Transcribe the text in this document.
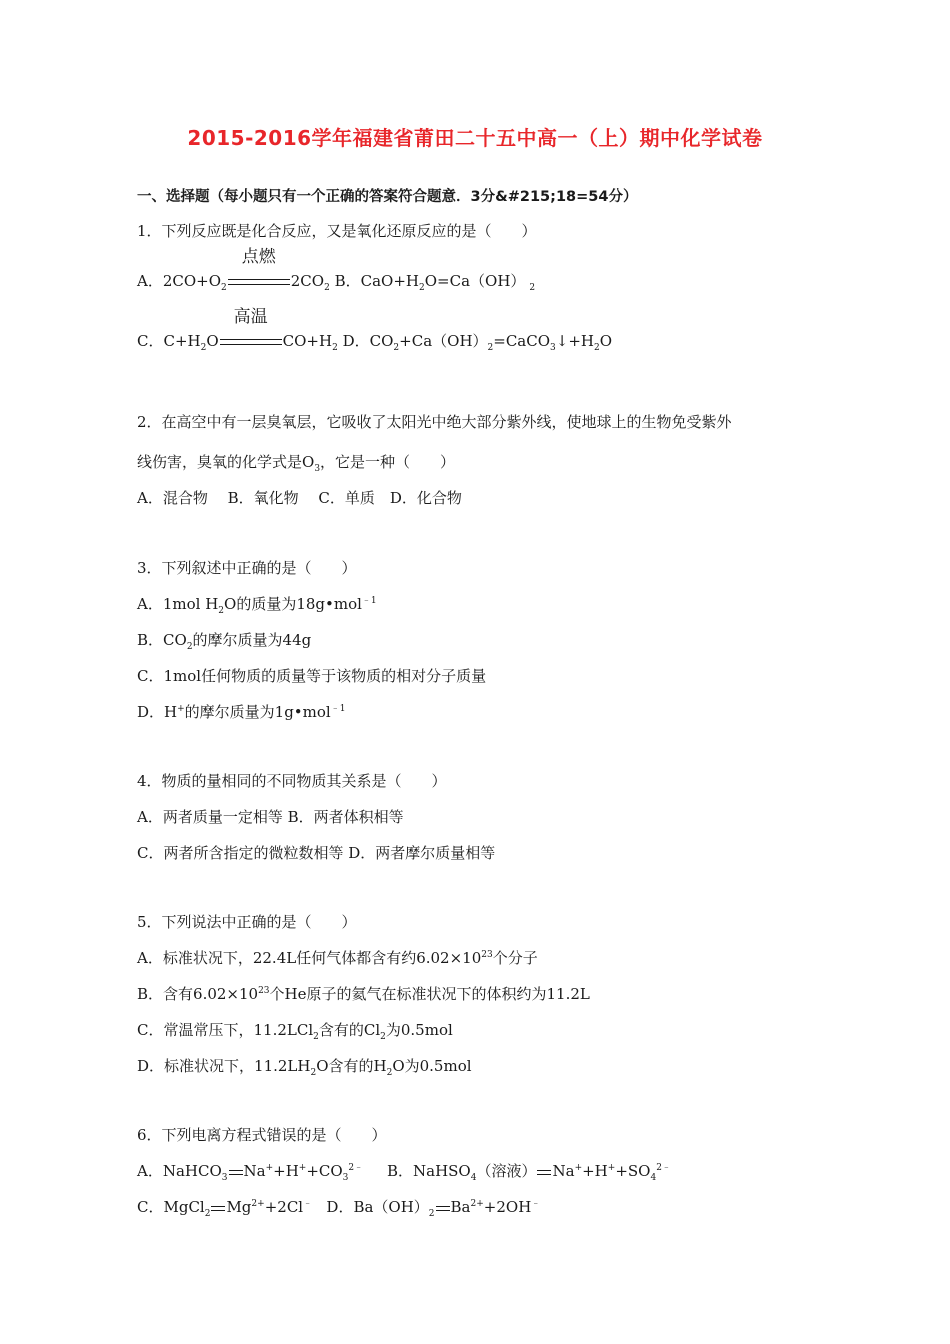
2015-2016学年福建省莆田二十五中高一（上）期中化学试卷
一、选择题（每小题只有一个正确的答案符合题意．3分&#215;18=54分）
1．下列反应既是化合反应，又是氧化还原反应的是（　　）
A．$2CO+O_2$
点燃
$2CO_2$ B．$CaO+H_2O=Ca(OH)$ $_2$
C．$C+H_2O$
高温
$CO+H_2$ D．$CO_2+Ca(OH)_2=CaCO_3↓+H_2O$
2．在高空中有一层臭氧层，它吸收了太阳光中绝大部分紫外线，使地球上的生物免受紫外
线伤害，臭氧的化学式是$O_3$，它是一种（　　）
A．混合物　 B．氧化物　 C．单质　D．化合物
3．下列叙述中正确的是（　　）
A．1mol $H_2O$的质量为18g•mol$^{﹣1}$
B．$CO_2$的摩尔质量为44g
C．1mol任何物质的质量等于该物质的相对分子质量
D．H+的摩尔质量为1g•mol$^{﹣1}$
4．物质的量相同的不同物质其关系是（　　）
A．两者质量一定相等 B．两者体积相等
C．两者所含指定的微粒数相等 D．两者摩尔质量相等
5．下列说法中正确的是（　　）
A．标准状况下，22.4L任何气体都含有约$6.02\times 10^{23}$个分子
B．含有$6.02\times 10^{23}$个He原子的氦气在标准状况下的体积约为11.2L
C．常温常压下，11.2LCl$_2$含有的$Cl_2$为0.5mol
D．标准状况下，$11.2LH_2O$含有的$H_2O$为0.5mol
6．下列电离方程式错误的是（　　）
A．NaHCO$_3$ $Na^++H^++CO_3^{2﹣}$ B．NaHSO$_4$（溶液） $Na^++H^++SO_4^{2﹣}$
C．MgCl$_2$ $Mg^{2+}+2Cl^﹣$ D．$Ba(OH)_2$ $Ba^{2+}+2OH^﹣$
